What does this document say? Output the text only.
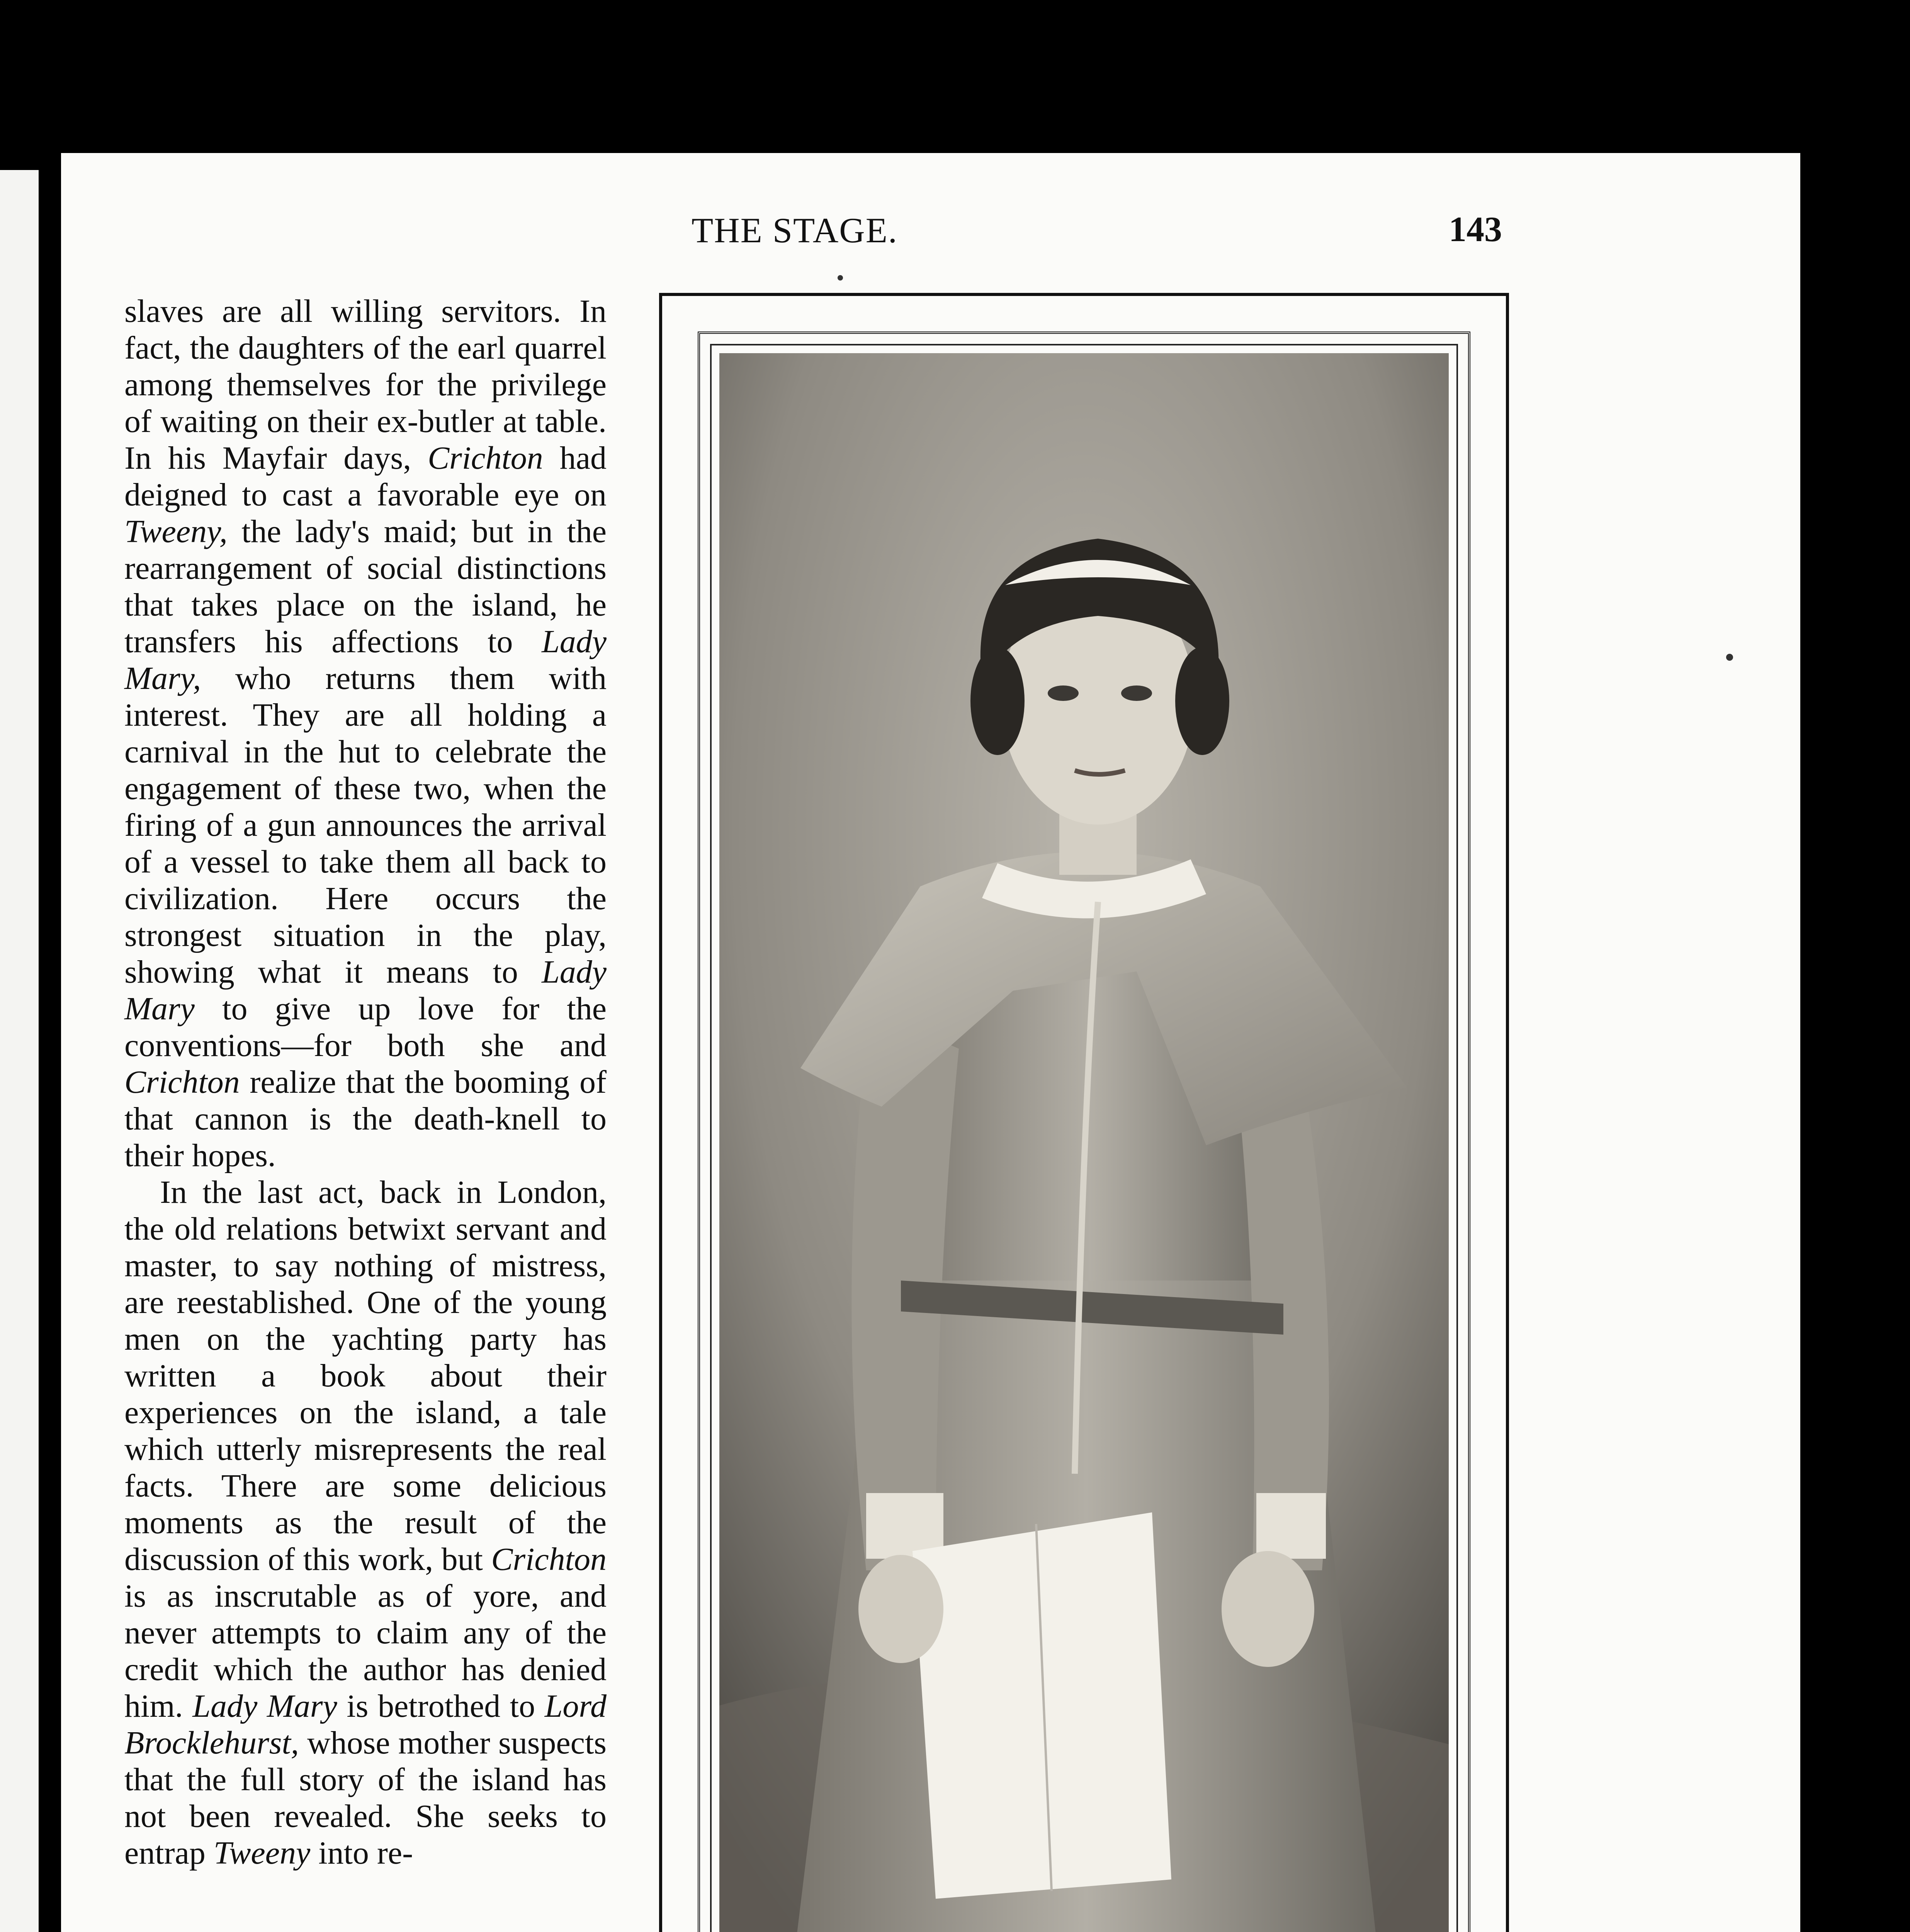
THE STAGE.	143

slaves are all willing servitors. In fact, the daughters of the earl quarrel among themselves for the privilege of waiting on their ex-butler at table. In his Mayfair days, Crichton had deigned to cast a favorable eye on Tweeny, the lady's maid; but in the rearrangement of social distinctions that takes place on the island, he transfers his affections to Lady Mary, who returns them with interest. They are all holding a carnival in the hut to celebrate the engagement of these two, when the firing of a gun announces the arrival of a vessel to take them all back to civilization. Here occurs the strongest situation in the play, showing what it means to Lady Mary to give up love for the conventions—for both she and Crichton realize that the booming of that cannon is the death-knell to their hopes.

In the last act, back in London, the old relations betwixt servant and master, to say nothing of mistress, are reestablished. One of the young men on the yachting party has written a book about their experiences on the island, a tale which utterly misrepresents the real facts. There are some delicious moments as the result of the discussion of this work, but Crichton is as inscrutable as of yore, and never attempts to claim any of the credit which the author has denied him. Lady Mary is betrothed to Lord Brocklehurst, whose mother suspects that the full story of the island has not been revealed. She seeks to entrap Tweeny into re-
